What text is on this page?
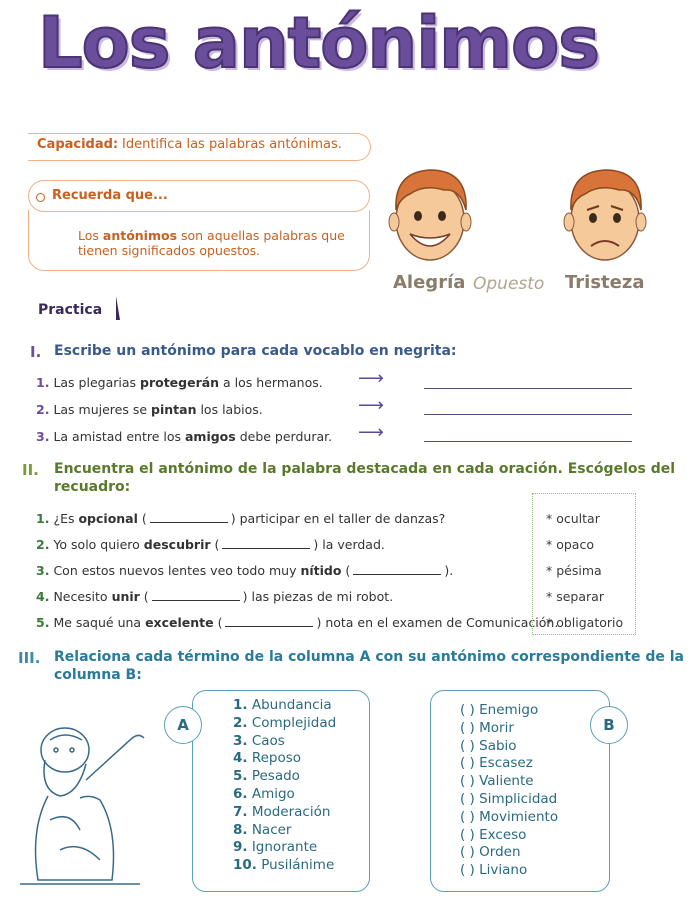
Los antónimos
Capacidad: Identifica las palabras antónimas.
Recuerda que...
Los antónimos son aquellas palabras que tienen significados opuestos.
Alegría Opuesto Tristeza
Practica
I. Escribe un antónimo para cada vocablo en negrita:
1. Las plegarias protegerán a los hermanos.
2. Las mujeres se pintan los labios.
3. La amistad entre los amigos debe perdurar.
⟶
⟶
⟶
II. Encuentra el antónimo de la palabra destacada en cada oración. Escógelos del
recuadro:
1. ¿Es opcional (	) participar en el taller de danzas?
2. Yo solo quiero descubrir (	) la verdad.
3. Con estos nuevos lentes veo todo muy nítido (	).
4. Necesito unir (	) las piezas de mi robot.
5. Me saqué una excelente (	) nota en el examen de Comunicación.
* ocultar
* opaco
* pésima
* separar
* obligatorio
III. Relaciona cada término de la columna A con su antónimo correspondiente de la
columna B:
A	B
1. Abundancia
2. Complejidad
3. Caos
4. Reposo
5. Pesado
6. Amigo
7. Moderación
8. Nacer
9. Ignorante
10. Pusilánime
( ) Enemigo
( ) Morir
( ) Sabio
( ) Escasez
( ) Valiente
( ) Simplicidad
( ) Movimiento
( ) Exceso
( ) Orden
( ) Liviano
